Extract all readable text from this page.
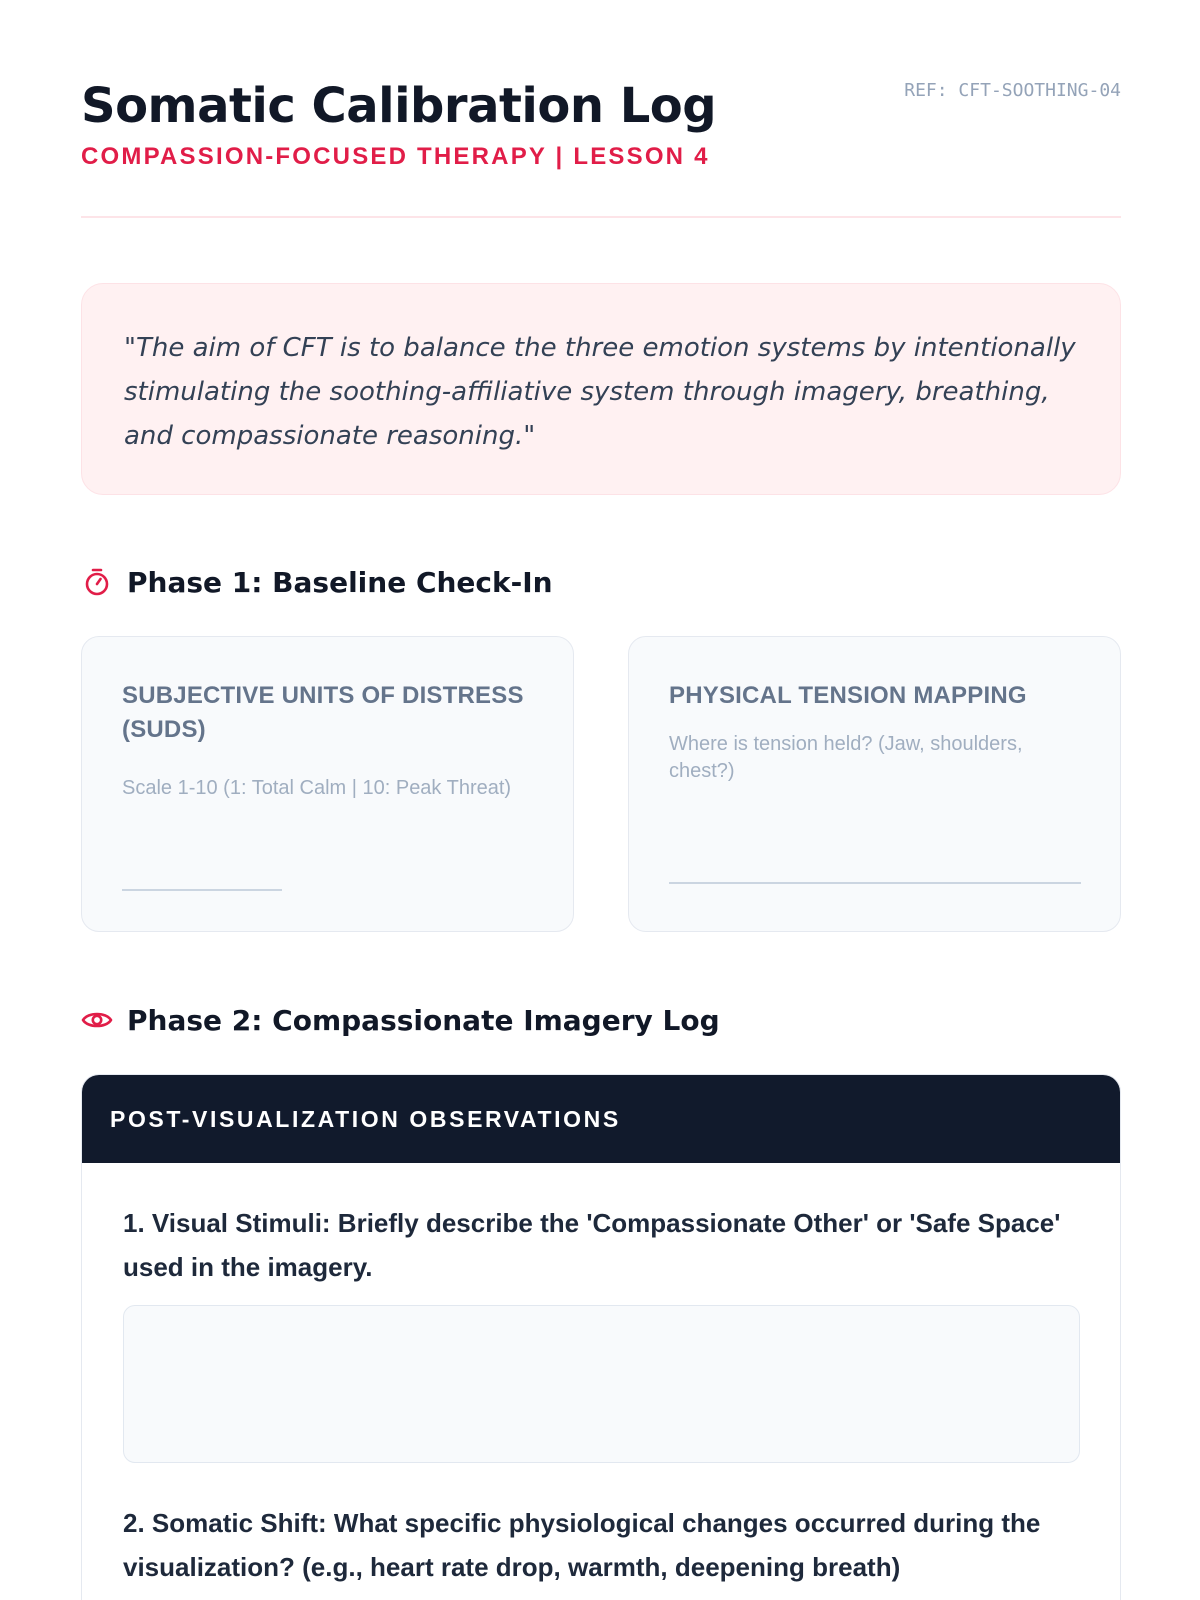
Somatic Calibration Log
COMPASSION-FOCUSED THERAPY | LESSON 4
REF: CFT-SOOTHING-04

"The aim of CFT is to balance the three emotion systems by intentionally stimulating the soothing-affiliative system through imagery, breathing, and compassionate reasoning."

Phase 1: Baseline Check-In

SUBJECTIVE UNITS OF DISTRESS (SUDS)

Scale 1-10 (1: Total Calm | 10: Peak Threat)

PHYSICAL TENSION MAPPING

Where is tension held? (Jaw, shoulders, chest?)

Phase 2: Compassionate Imagery Log
POST-VISUALIZATION OBSERVATIONS

1. Visual Stimuli: Briefly describe the 'Compassionate Other' or 'Safe Space' used in the imagery.

2. Somatic Shift: What specific physiological changes occurred during the visualization? (e.g., heart rate drop, warmth, deepening breath)
